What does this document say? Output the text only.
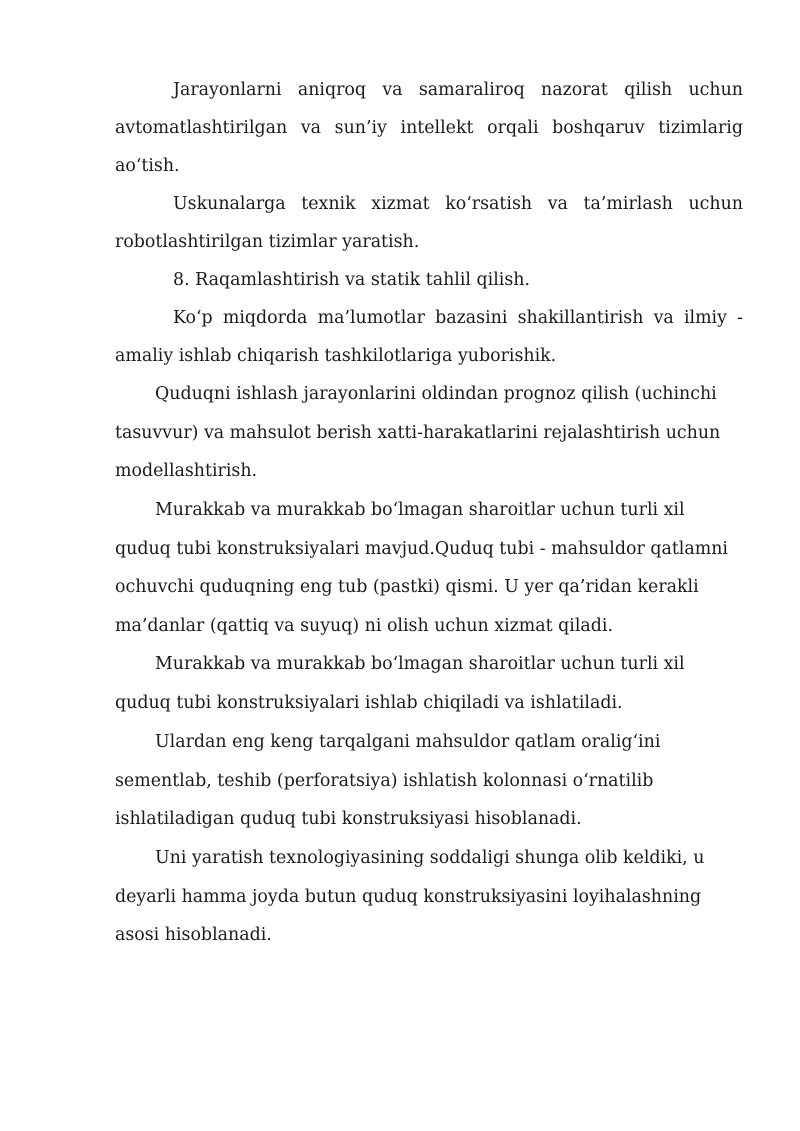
Jarayonlarni aniqroq va samaraliroq nazorat qilish uchun avtomatlashtirilgan va sun’iy intellekt orqali boshqaruv tizimlarig ao‘tish.

Uskunalarga texnik xizmat ko‘rsatish va ta’mirlash uchun robotlashtirilgan tizimlar yaratish.

8. Raqamlashtirish va statik tahlil qilish.

Ko‘p miqdorda ma’lumotlar bazasini shakillantirish va ilmiy -amaliy ishlab chiqarish tashkilotlariga yuborishik.

Quduqni ishlash jarayonlarini oldindan prognoz qilish (uchinchi tasuvvur) va mahsulot berish xatti-harakatlarini rejalashtirish uchun modellashtirish.

Murakkab va murakkab bo‘lmagan sharoitlar uchun turli xil quduq tubi konstruksiyalari mavjud.Quduq tubi - mahsuldor qatlamni ochuvchi quduqning eng tub (pastki) qismi. U yer qa’ridan kerakli ma’danlar (qattiq va suyuq) ni olish uchun xizmat qiladi.

Murakkab va murakkab bo‘lmagan sharoitlar uchun turli xil quduq tubi konstruksiyalari ishlab chiqiladi va ishlatiladi.

Ulardan eng keng tarqalgani mahsuldor qatlam oralig‘ini sementlab, teshib (perforatsiya) ishlatish kolonnasi o‘rnatilib ishlatiladigan quduq tubi konstruksiyasi hisoblanadi.

Uni yaratish texnologiyasining soddaligi shunga olib keldiki, u deyarli hamma joyda butun quduq konstruksiyasini loyihalashning asosi hisoblanadi.
